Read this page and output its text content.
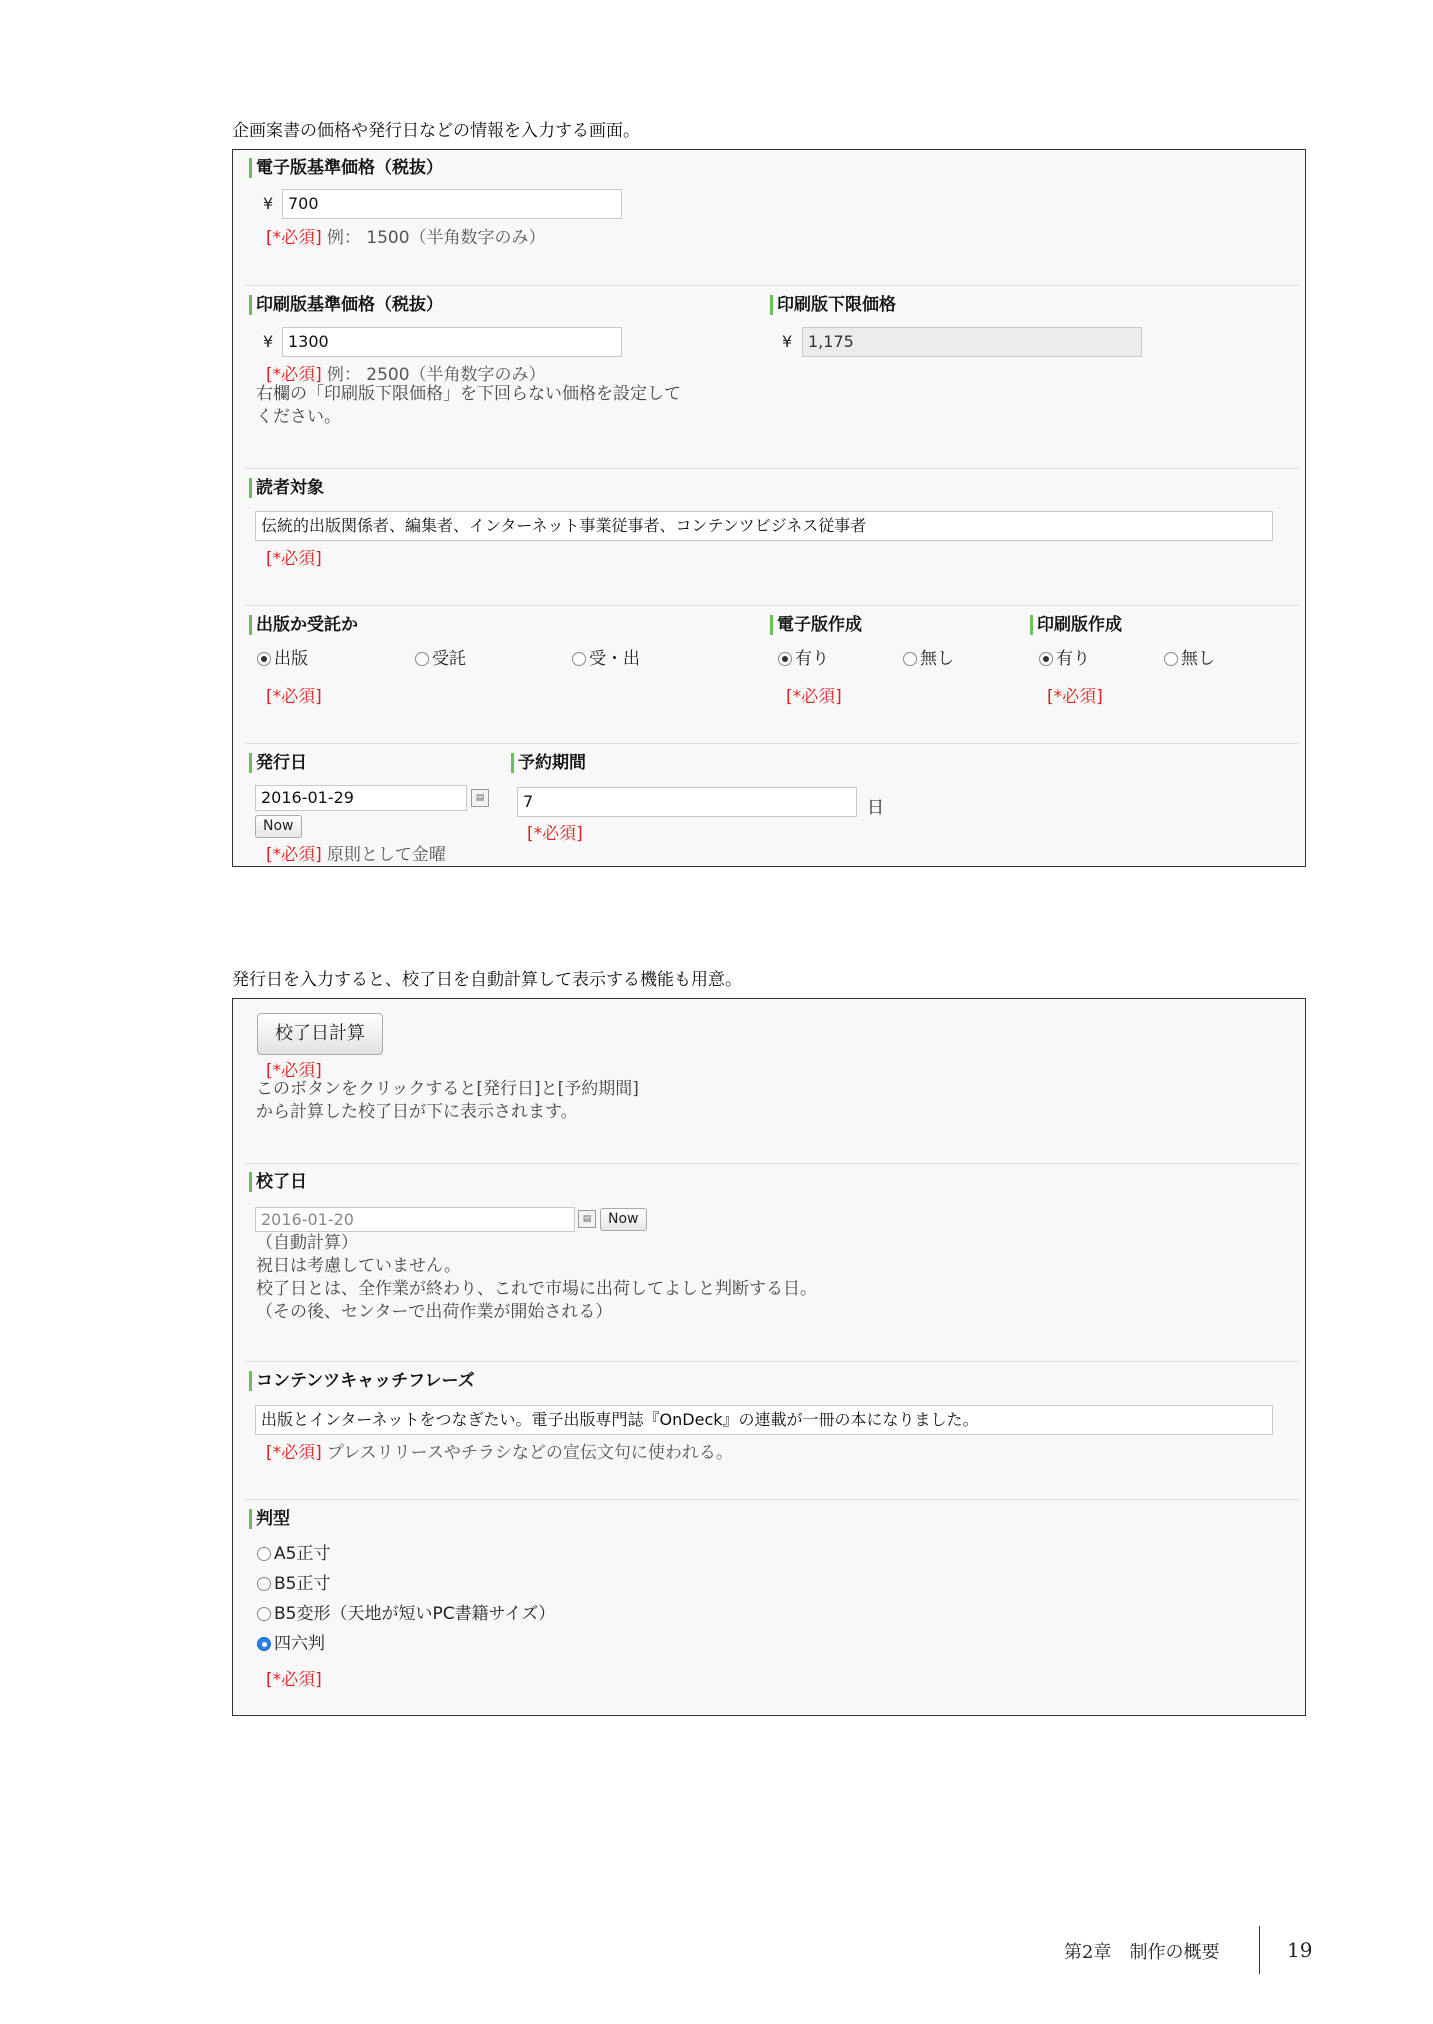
企画案書の価格や発行日などの情報を入力する画面。
電子版基準価格（税抜）
¥ 700
[*必須] 例： 1500（半角数字のみ）
印刷版基準価格（税抜）
¥ 1300
[*必須] 例： 2500（半角数字のみ）
右欄の「印刷版下限価格」を下回らない価格を設定して
ください。
印刷版下限価格
¥ 1,175
読者対象
伝統的出版関係者、編集者、インターネット事業従事者、コンテンツビジネス従事者
[*必須]
出版か受託か
出版	受託	受・出
[*必須]
電子版作成
有り	無し
[*必須]
印刷版作成
有り	無し
[*必須]
発行日
2016-01-29	▤
Now
[*必須] 原則として金曜
予約期間
7	日
[*必須]
発行日を入力すると、校了日を自動計算して表示する機能も用意。
校了日計算
[*必須]
このボタンをクリックすると[発行日]と[予約期間]
から計算した校了日が下に表示されます。
校了日
2016-01-20	▤	Now
（自動計算）
祝日は考慮していません。
校了日とは、全作業が終わり、これで市場に出荷してよしと判断する日。
（その後、センターで出荷作業が開始される）
コンテンツキャッチフレーズ
出版とインターネットをつなぎたい。電子出版専門誌『OnDeck』の連載が一冊の本になりました。
[*必須] プレスリリースやチラシなどの宣伝文句に使われる。
判型
A5正寸
B5正寸
B5変形（天地が短いPC書籍サイズ）
四六判
[*必須]
第2章　制作の概要	19
